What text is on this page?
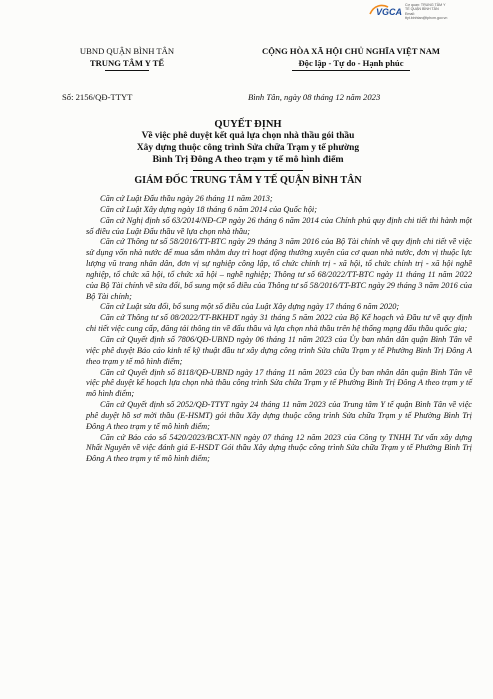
VGCA
Cơ quan: TRUNG TÂM Y
TẾ QUẬN BÌNH TÂN
Email:
ttyt.binhtan@tphcm.gov.vn
UBND QUẬN BÌNH TÂN
TRUNG TÂM Y TẾ
CỘNG HÒA XÃ HỘI CHỦ NGHĨA VIỆT NAM
Độc lập - Tự do - Hạnh phúc
Số: 2156/QĐ-TTYT	Bình Tân, ngày 08 tháng 12 năm 2023
QUYẾT ĐỊNH
Về việc phê duyệt kết quả lựa chọn nhà thầu gói thầu
Xây dựng thuộc công trình Sửa chữa Trạm y tế phường
Bình Trị Đông A theo trạm y tế mô hình điểm
GIÁM ĐỐC TRUNG TÂM Y TẾ QUẬN BÌNH TÂN

Căn cứ Luật Đấu thầu ngày 26 tháng 11 năm 2013;

Căn cứ Luật Xây dựng ngày 18 tháng 6 năm 2014 của Quốc hội;

Căn cứ Nghị định số 63/2014/NĐ-CP ngày 26 tháng 6 năm 2014 của Chính phủ quy định chi tiết thi hành một số điều của Luật Đấu thầu về lựa chọn nhà thầu;

Căn cứ Thông tư số 58/2016/TT-BTC ngày 29 tháng 3 năm 2016 của Bộ Tài chính về quy định chi tiết về việc sử dụng vốn nhà nước để mua sắm nhằm duy trì hoạt động thường xuyên của cơ quan nhà nước, đơn vị thuộc lực lượng vũ trang nhân dân, đơn vị sự nghiệp công lập, tổ chức chính trị - xã hội, tổ chức chính trị - xã hội nghề nghiệp, tổ chức xã hội, tổ chức xã hội – nghề nghiệp; Thông tư số 68/2022/TT-BTC ngày 11 tháng 11 năm 2022 của Bộ Tài chính về sửa đổi, bổ sung một số điều của Thông tư số 58/2016/TT-BTC ngày 29 tháng 3 năm 2016 của Bộ Tài chính;

Căn cứ Luật sửa đổi, bổ sung một số điều của Luật Xây dựng ngày 17 tháng 6 năm 2020;

Căn cứ Thông tư số 08/2022/TT-BKHĐT ngày 31 tháng 5 năm 2022 của Bộ Kế hoạch và Đầu tư về quy định chi tiết việc cung cấp, đăng tải thông tin về đấu thầu và lựa chọn nhà thầu trên hệ thống mạng đấu thầu quốc gia;

Căn cứ Quyết định số 7806/QĐ-UBND ngày 06 tháng 11 năm 2023 của Ủy ban nhân dân quận Bình Tân về việc phê duyệt Báo cáo kinh tế kỹ thuật đầu tư xây dựng công trình Sửa chữa Trạm y tế Phường Bình Trị Đông A theo trạm y tế mô hình điểm;

Căn cứ Quyết định số 8118/QĐ-UBND ngày 17 tháng 11 năm 2023 của Ủy ban nhân dân quận Bình Tân về việc phê duyệt kế hoạch lựa chọn nhà thầu công trình Sửa chữa Trạm y tế Phường Bình Trị Đông A theo trạm y tế mô hình điểm;

Căn cứ Quyết định số 2052/QĐ-TTYT ngày 24 tháng 11 năm 2023 của Trung tâm Y tế quận Bình Tân về việc phê duyệt hồ sơ mời thầu (E-HSMT) gói thầu Xây dựng thuộc công trình Sửa chữa Trạm y tế Phường Bình Trị Đông A theo trạm y tế mô hình điểm;

Căn cứ Báo cáo số 5420/2023/BCXT-NN ngày 07 tháng 12 năm 2023 của Công ty TNHH Tư vấn xây dựng Nhất Nguyên về việc đánh giá E-HSDT Gói thầu Xây dựng thuộc công trình Sửa chữa Trạm y tế Phường Bình Trị Đông A theo trạm y tế mô hình điểm;
